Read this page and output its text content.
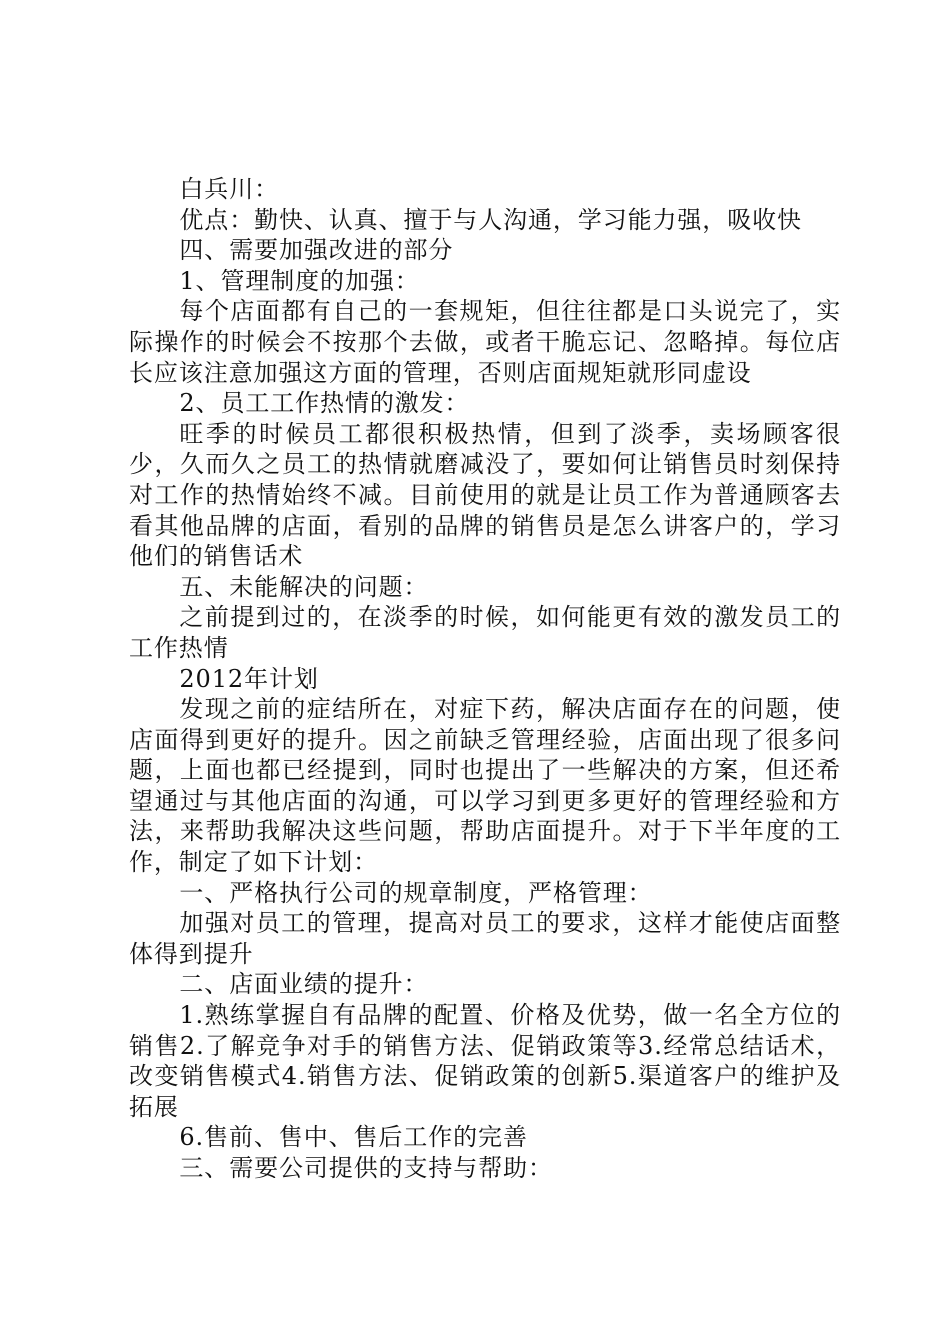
白兵川：

优点：勤快、认真、擅于与人沟通，学习能力强，吸收快

四、需要加强改进的部分

1、管理制度的加强：

每个店面都有自己的一套规矩，但往往都是口头说完了，实际操作的时候会不按那个去做，或者干脆忘记、忽略掉。每位店长应该注意加强这方面的管理，否则店面规矩就形同虚设

2、员工工作热情的激发：

旺季的时候员工都很积极热情，但到了淡季，卖场顾客很少，久而久之员工的热情就磨减没了，要如何让销售员时刻保持对工作的热情始终不减。目前使用的就是让员工作为普通顾客去看其他品牌的店面，看别的品牌的销售员是怎么讲客户的，学习他们的销售话术

五、未能解决的问题：

之前提到过的，在淡季的时候，如何能更有效的激发员工的工作热情

2012年计划

发现之前的症结所在，对症下药，解决店面存在的问题，使店面得到更好的提升。因之前缺乏管理经验，店面出现了很多问题，上面也都已经提到，同时也提出了一些解决的方案，但还希望通过与其他店面的沟通，可以学习到更多更好的管理经验和方法，来帮助我解决这些问题，帮助店面提升。对于下半年度的工作，制定了如下计划：

一、严格执行公司的规章制度，严格管理：

加强对员工的管理，提高对员工的要求，这样才能使店面整体得到提升

二、店面业绩的提升：

1.熟练掌握自有品牌的配置、价格及优势，做一名全方位的销售2.了解竞争对手的销售方法、促销政策等3.经常总结话术，改变销售模式4.销售方法、促销政策的创新5.渠道客户的维护及拓展

6.售前、售中、售后工作的完善

三、需要公司提供的支持与帮助：
